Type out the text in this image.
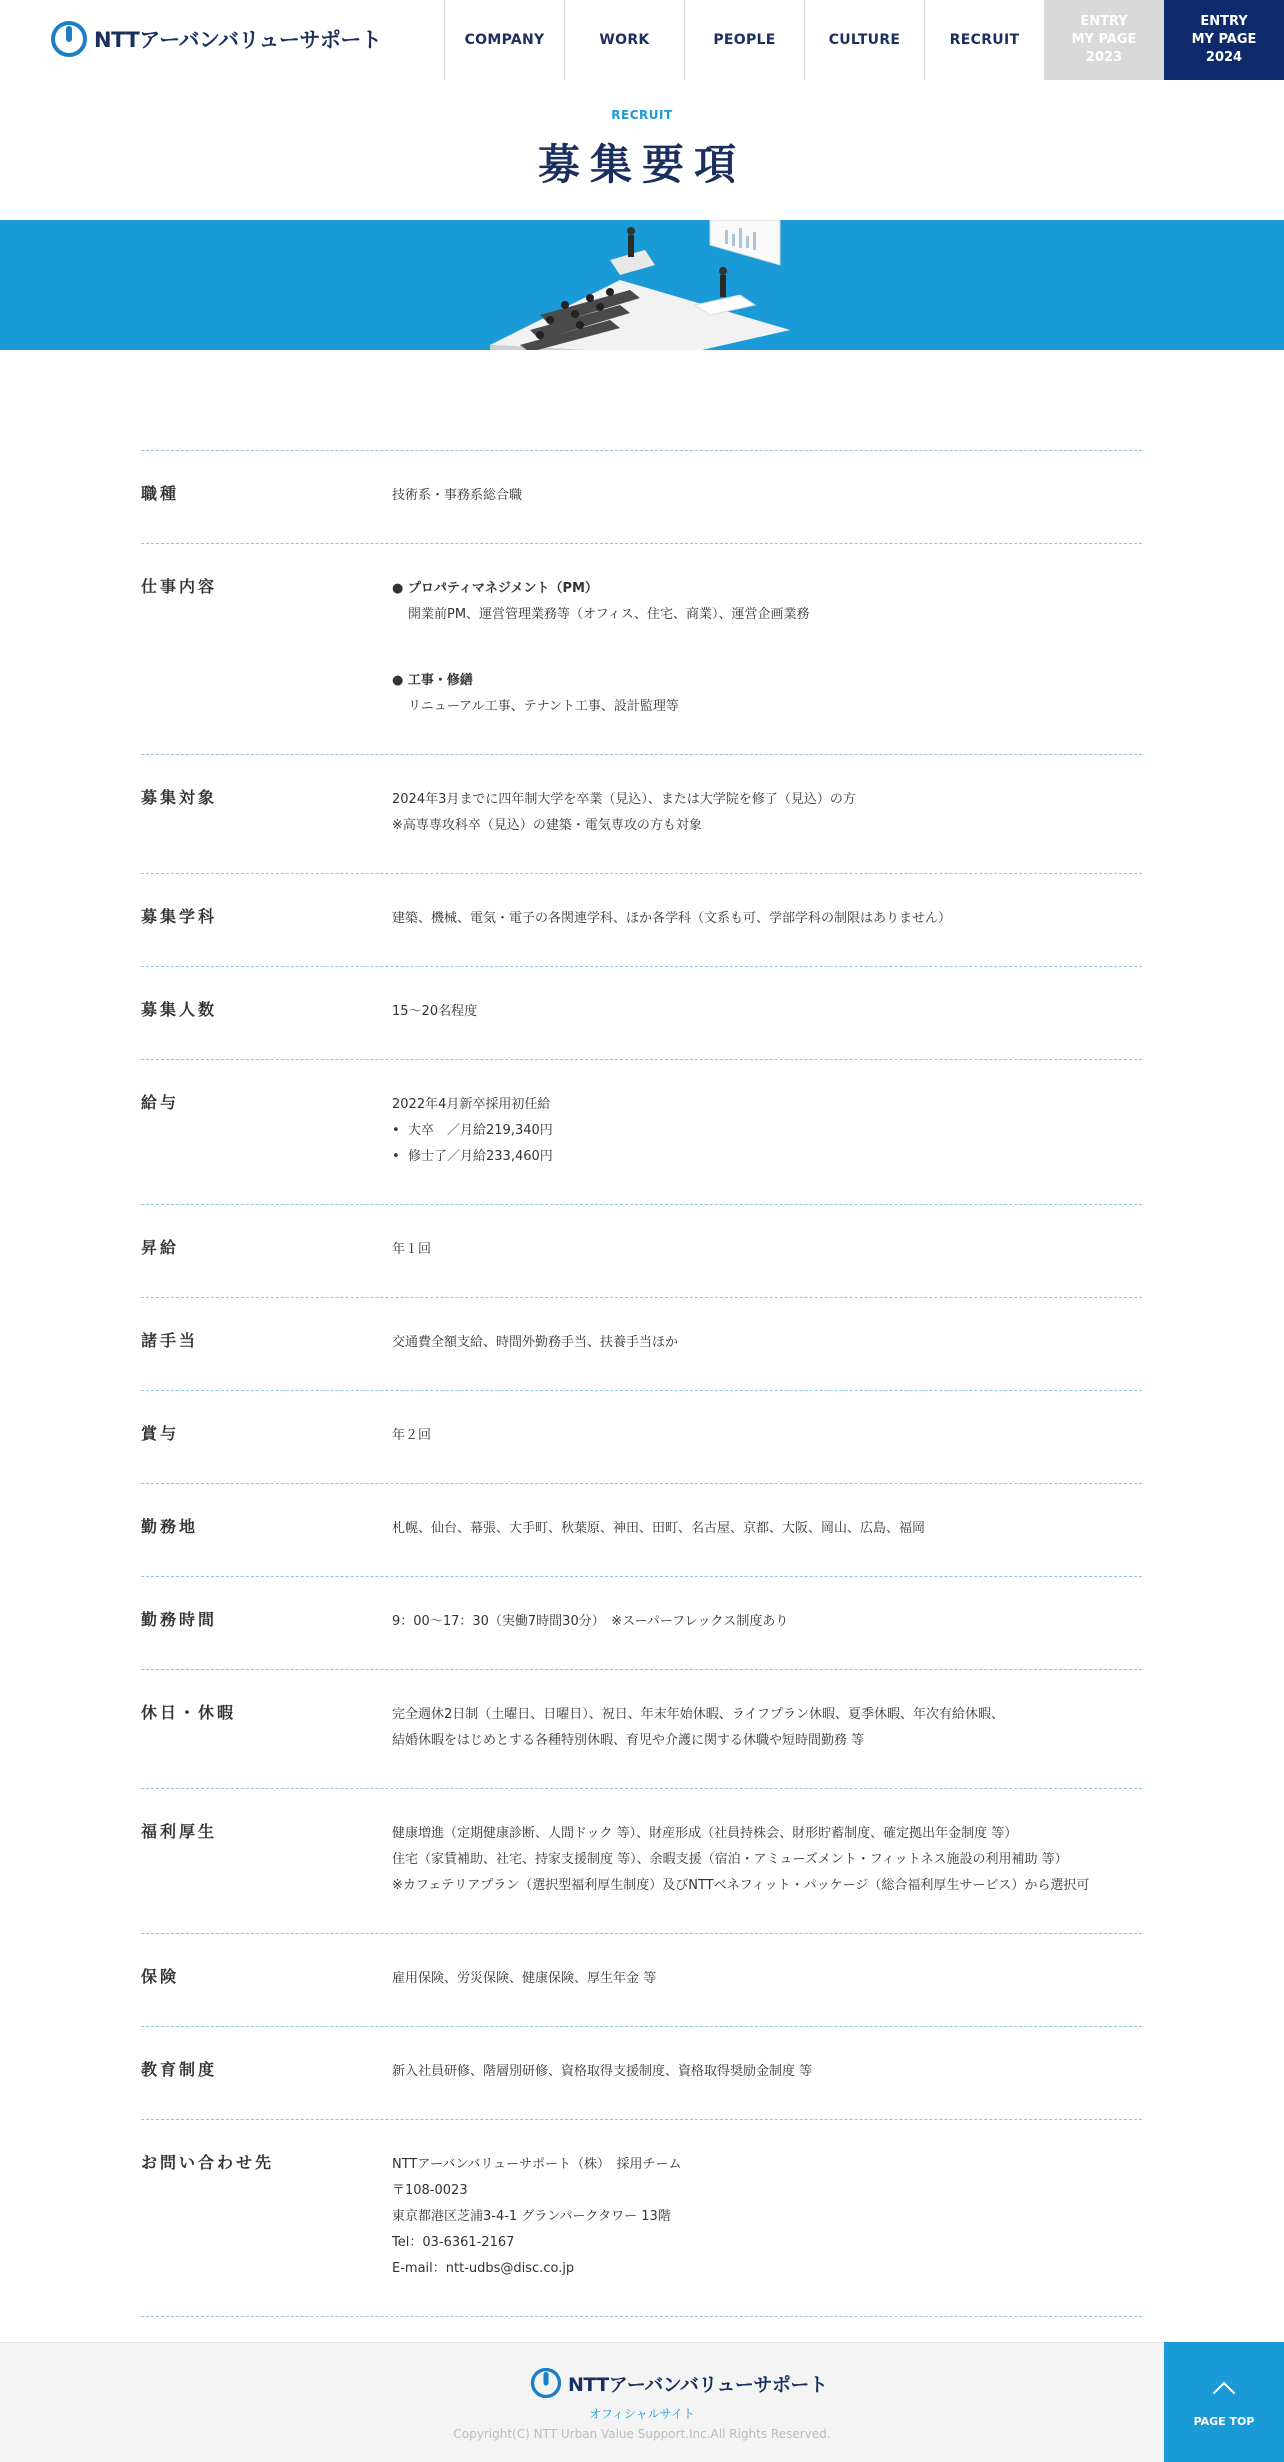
NTTアーバンバリューサポート	COMPANY	WORK	PEOPLE	CULTURE	RECRUIT
ENTRY
MY PAGE
2023
ENTRY
MY PAGE
2024
RECRUIT
募集要項
職種	技術系・事務系総合職
仕事内容	● プロパティマネジメント（PM）
開業前PM、運営管理業務等（オフィス、住宅、商業）、運営企画業務
● 工事・修繕
リニューアル工事、テナント工事、設計監理等
募集対象	2024年3月までに四年制大学を卒業（見込）、または大学院を修了（見込）の方
※高専専攻科卒（見込）の建築・電気専攻の方も対象
募集学科	建築、機械、電気・電子の各関連学科、ほか各学科（文系も可、学部学科の制限はありません）
募集人数	15～20名程度
給与	2022年4月新卒採用初任給
• 大卒　／月給219,340円
• 修士了／月給233,460円
昇給	年１回
諸手当	交通費全額支給、時間外勤務手当、扶養手当ほか
賞与	年２回
勤務地	札幌、仙台、幕張、大手町、秋葉原、神田、田町、名古屋、京都、大阪、岡山、広島、福岡
勤務時間	9：00〜17：30（実働7時間30分）　※スーパーフレックス制度あり
休日・休暇	完全週休2日制（土曜日、日曜日）、祝日、年末年始休暇、ライフプラン休暇、夏季休暇、年次有給休暇、
結婚休暇をはじめとする各種特別休暇、育児や介護に関する休職や短時間勤務 等
福利厚生	健康増進（定期健康診断、人間ドック 等）、財産形成（社員持株会、財形貯蓄制度、確定拠出年金制度 等）
住宅（家賃補助、社宅、持家支援制度 等）、余暇支援（宿泊・アミューズメント・フィットネス施設の利用補助 等）
※カフェテリアプラン（選択型福利厚生制度）及びNTTベネフィット・パッケージ（総合福利厚生サービス）から選択可
保険	雇用保険、労災保険、健康保険、厚生年金 等
教育制度	新入社員研修、階層別研修、資格取得支援制度、資格取得奨励金制度 等
お問い合わせ先	NTTアーバンバリューサポート（株）　採用チーム
〒108-0023
東京都港区芝浦3-4-1 グランパークタワー 13階
Tel：03-6361-2167
E-mail：ntt-udbs@disc.co.jp
NTTアーバンバリューサポート
オフィシャルサイト
Copyright(C) NTT Urban Value Support.Inc.All Rights Reserved.
PAGE TOP
